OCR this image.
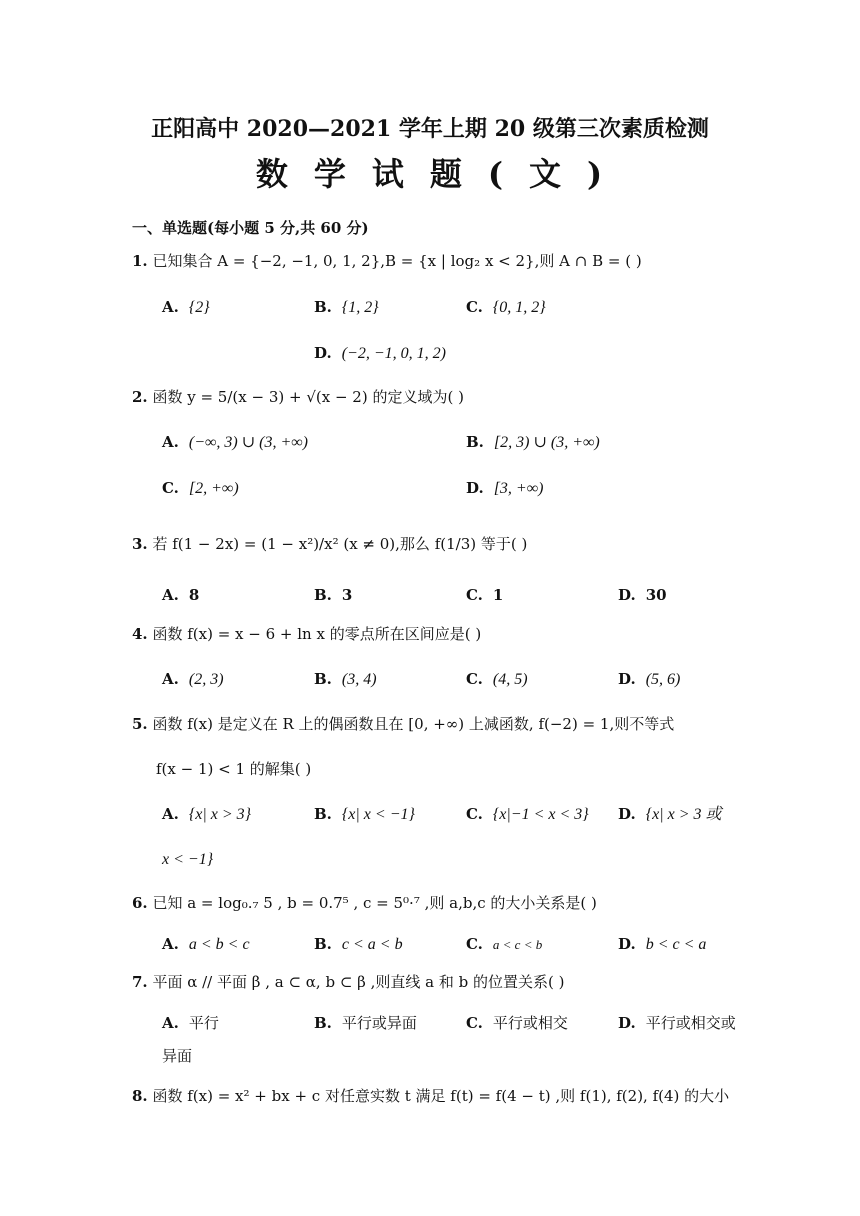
正阳高中 2020—2021 学年上期 20 级第三次素质检测
数学试题(文)
一、单选题(每小题 5 分,共 60 分)
1. 已知集合 A = {−2, −1, 0, 1, 2},B = {x | log₂ x < 2},则 A ∩ B = ( )
A. {2}	B. {1, 2}	C. {0, 1, 2}
D. (−2, −1, 0, 1, 2)
2. 函数 y = 5/(x − 3) + √(x − 2) 的定义域为( )
A. (−∞, 3) ∪ (3, +∞)	B. [2, 3) ∪ (3, +∞)
C. [2, +∞)	D. [3, +∞)
3. 若 f(1 − 2x) = (1 − x²)/x² (x ≠ 0),那么 f(1/3) 等于( )
A. 8	B. 3	C. 1	D. 30
4. 函数 f(x) = x − 6 + ln x 的零点所在区间应是( )
A. (2, 3)	B. (3, 4)	C. (4, 5)	D. (5, 6)
5. 函数 f(x) 是定义在 R 上的偶函数且在 [0, +∞) 上减函数, f(−2) = 1,则不等式
f(x − 1) < 1 的解集( )
A. {x| x > 3}	B. {x| x < −1}	C. {x|−1 < x < 3} D. {x| x > 3 或
x < −1}
6. 已知 a = log₀.₇ 5 , b = 0.7⁵ , c = 5⁰·⁷ ,则 a,b,c 的大小关系是( )
A. a < b < c	B. c < a < b	C. a < c < b	D. b < c < a
7. 平面 α // 平面 β , a ⊂ α, b ⊂ β ,则直线 a 和 b 的位置关系( )
A. 平行	B. 平行或异面	C. 平行或相交	D. 平行或相交或
异面
8. 函数 f(x) = x² + bx + c 对任意实数 t 满足 f(t) = f(4 − t) ,则 f(1), f(2), f(4) 的大小
